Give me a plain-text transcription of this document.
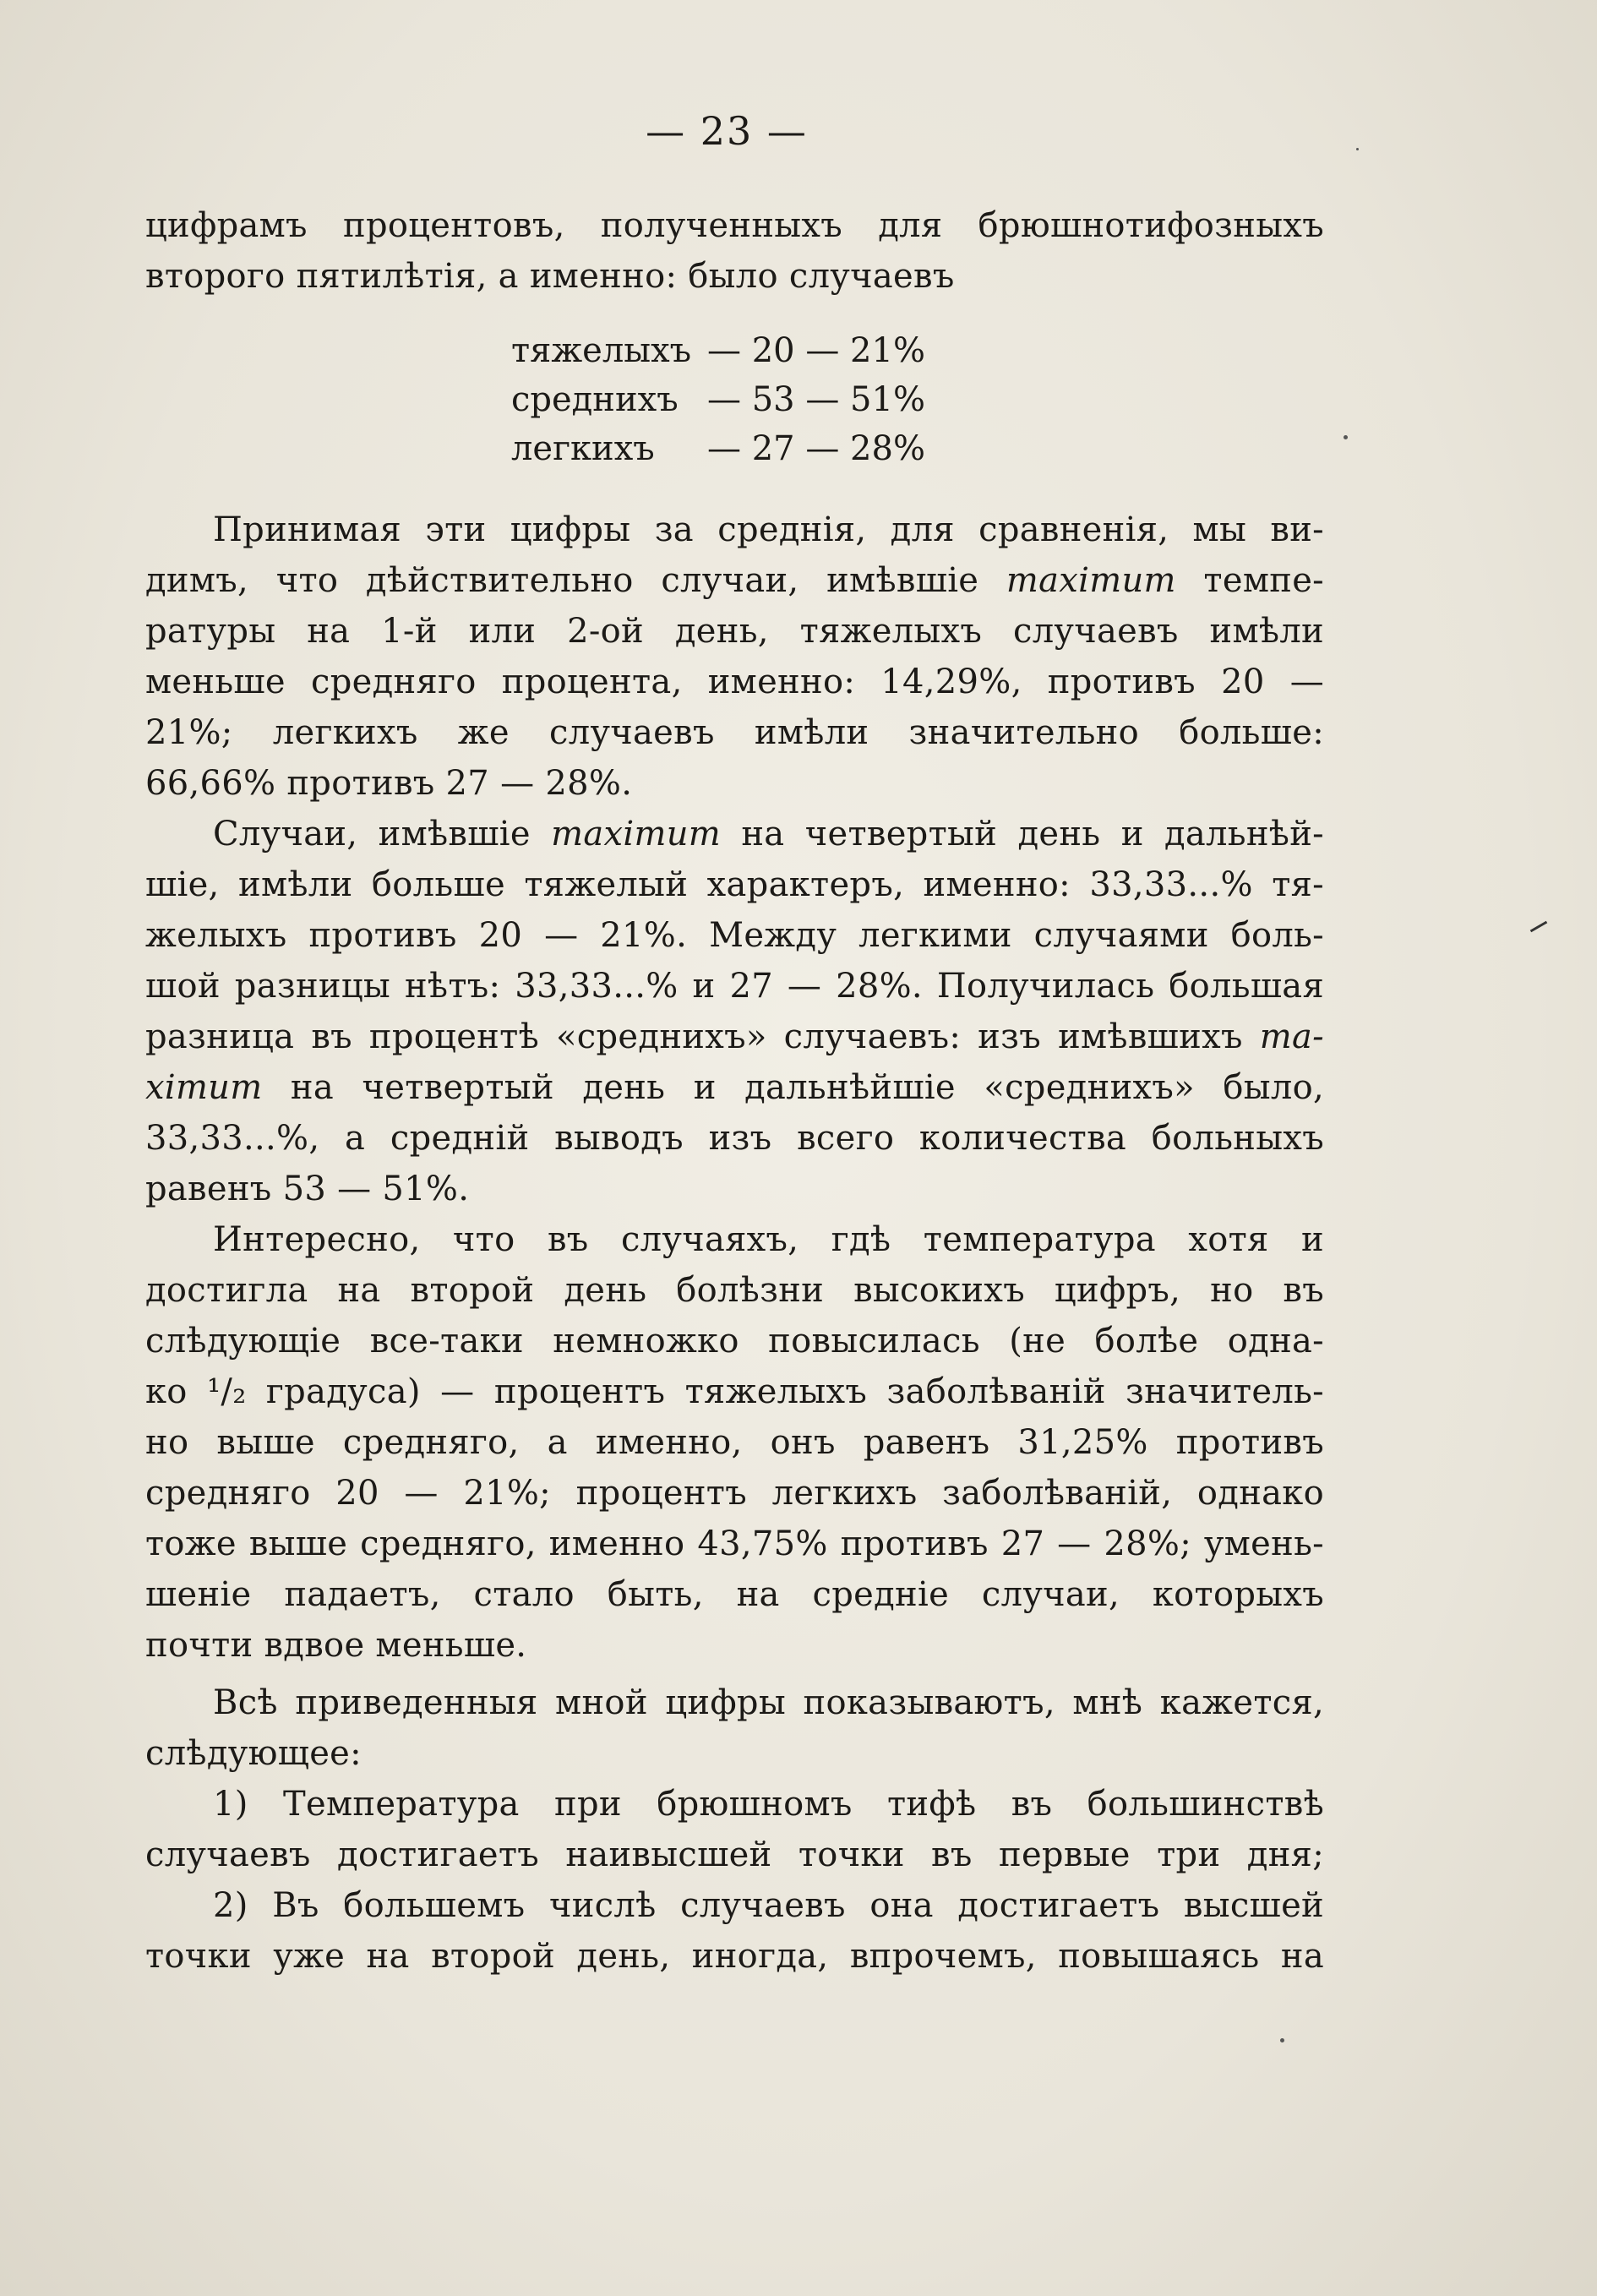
— 23 —
цифрамъ процентовъ, полученныхъ для брюшнотифозныхъ
второго пятилѣтія, а именно: было случаевъ
тяжелыхъ — 20 — 21%
среднихъ — 53 — 51%
легкихъ	— 27 — 28%
Принимая эти цифры за среднія, для сравненія, мы ви-
димъ, что дѣйствительно случаи, имѣвшіе maximum темпе-
ратуры на 1-й или 2-ой день, тяжелыхъ случаевъ имѣли
меньше средняго процента, именно: 14,29%, противъ 20 —
21%; легкихъ же случаевъ имѣли значительно больше:
66,66% противъ 27 — 28%.
Случаи, имѣвшіе maximum на четвертый день и дальнѣй-
шіе, имѣли больше тяжелый характеръ, именно: 33,33...% тя-
желыхъ противъ 20 — 21%. Между легкими случаями боль-
шой разницы нѣтъ: 33,33...% и 27 — 28%. Получилась большая
разница въ процентѣ «среднихъ» случаевъ: изъ имѣвшихъ ma-
ximum на четвертый день и дальнѣйшіе «среднихъ» было,
33,33...%, а средній выводъ изъ всего количества больныхъ
равенъ 53 — 51%.
Интересно, что въ случаяхъ, гдѣ температура хотя и
достигла на второй день болѣзни высокихъ цифръ, но въ
слѣдующіе все-таки немножко повысилась (не болѣе одна-
ко ¹/₂ градуса) — процентъ тяжелыхъ заболѣваній значитель-
но выше средняго, а именно, онъ равенъ 31,25% противъ
средняго 20 — 21%; процентъ легкихъ заболѣваній, однако
тоже выше средняго, именно 43,75% противъ 27 — 28%; умень-
шеніе падаетъ, стало быть, на средніе случаи, которыхъ
почти вдвое меньше.
Всѣ приведенныя мной цифры показываютъ, мнѣ кажется,
слѣдующее:
1) Температура при брюшномъ тифѣ въ большинствѣ
случаевъ достигаетъ наивысшей точки въ первые три дня;
2) Въ большемъ числѣ случаевъ она достигаетъ высшей
точки уже на второй день, иногда, впрочемъ, повышаясь на
